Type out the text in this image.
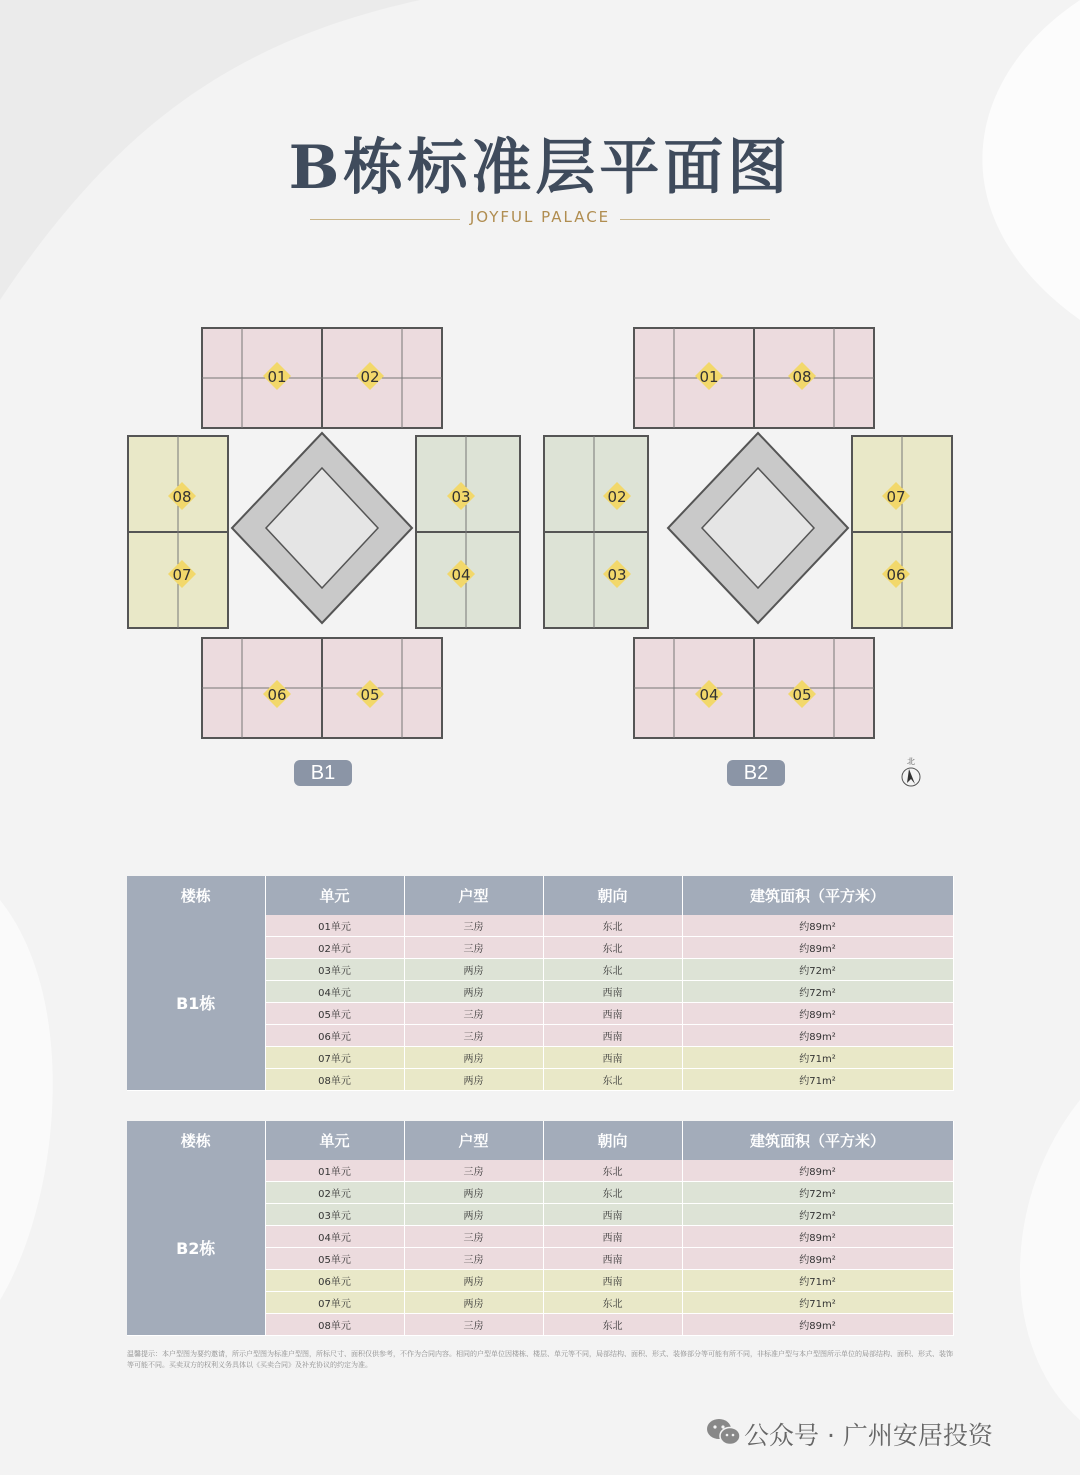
B栋标准层平面图
JOYFUL PALACE
01	02
08
07
03
04
06	05
01	08
02
03
07
06
04	05
B1	B2
北
楼栋	单元	户型	朝向	建筑面积（平方米）
B1栋	01单元	三房	东北	约89m²
	02单元	三房	东北	约89m²
	03单元	两房	东北	约72m²
	04单元	两房	西南	约72m²
	05单元	三房	西南	约89m²
	06单元	三房	西南	约89m²
	07单元	两房	西南	约71m²
	08单元	两房	东北	约71m²
楼栋	单元	户型	朝向	建筑面积（平方米）
B2栋	01单元	三房	东北	约89m²
	02单元	两房	东北	约72m²
	03单元	两房	西南	约72m²
	04单元	三房	西南	约89m²
	05单元	三房	西南	约89m²
	06单元	两房	西南	约71m²
	07单元	两房	东北	约71m²
	08单元	三房	东北	约89m²
温馨提示：本户型图为要约邀请，所示户型图为标准户型图，所标尺寸、面积仅供参考，不作为合同内容。相同的户型单位因楼栋、楼层、单元等不同，局部结构、面积、形式、装修部分等可能有所不同，非标准户型与本户型图所示单位的局部结构、面积、形式、装饰等可能不同。买卖双方的权利义务具体以《买卖合同》及补充协议的约定为准。
公众号 · 广州安居投资
